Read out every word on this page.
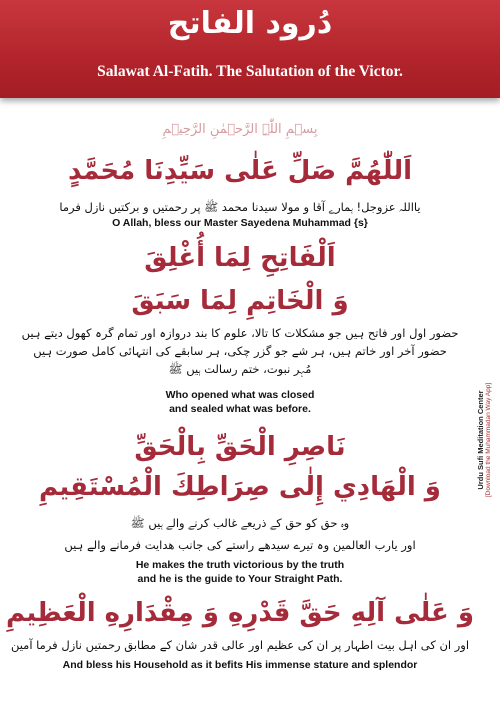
دُرود الفاتح
Salawat Al-Fatih. The Salutation of the Victor.
بِسۡمِ اللّٰہِ الرَّحۡمٰنِ الرَّحِیۡمِ
اَللّٰهُمَّ صَلِّ عَلٰى سَيِّدِنَا مُحَمَّدٍ
یااللہ عزوجل! ہمارے آقا و مولا سیدنا محمد ﷺ پر رحمتیں و برکتیں نازل فرما
O Allah, bless our Master Sayedena Muhammad {s}
اَلْفَاتِحِ لِمَا أُغْلِقَ
وَ الْخَاتِمِ لِمَا سَبَقَ
حضور اول اور فاتح ہیں جو مشکلات کا تالا، علوم کا بند دروازہ اور تمام گرہ کھول دیتے ہیں
حضور آخر اور خاتم ہیں، ہر شے جو گزر چکی، ہر سابقے کی انتہائی کامل صورت ہیں
مُہر نبوت، ختم رسالت ہیں ﷺ
Who opened what was closed
and sealed what was before.
نَاصِرِ الْحَقِّ بِالْحَقِّ
وَ الْهَادِي إِلٰى صِرَاطِكَ الْمُسْتَقِيمِ
وہ حق کو حق کے ذریعے غالب کرنے والے ہیں ﷺ
اور یارب العالمین وہ تیرے سیدھے راستے کی جانب هدایت فرمانے والے ہیں
He makes the truth victorious by the truth
and he is the guide to Your Straight Path.
وَ عَلٰى آلِهِ حَقَّ قَدْرِهِ وَ مِقْدَارِهِ الْعَظِيمِ
اور ان کی اہل بیت اطہار پر ان کی عظیم اور عالی قدر شان کے مطابق رحمتیں نازل فرما آمین
And bless his Household as it befits His immense stature and splendor
Urdu Sufi Meditation Center [Download the Muhammadan Way App]
